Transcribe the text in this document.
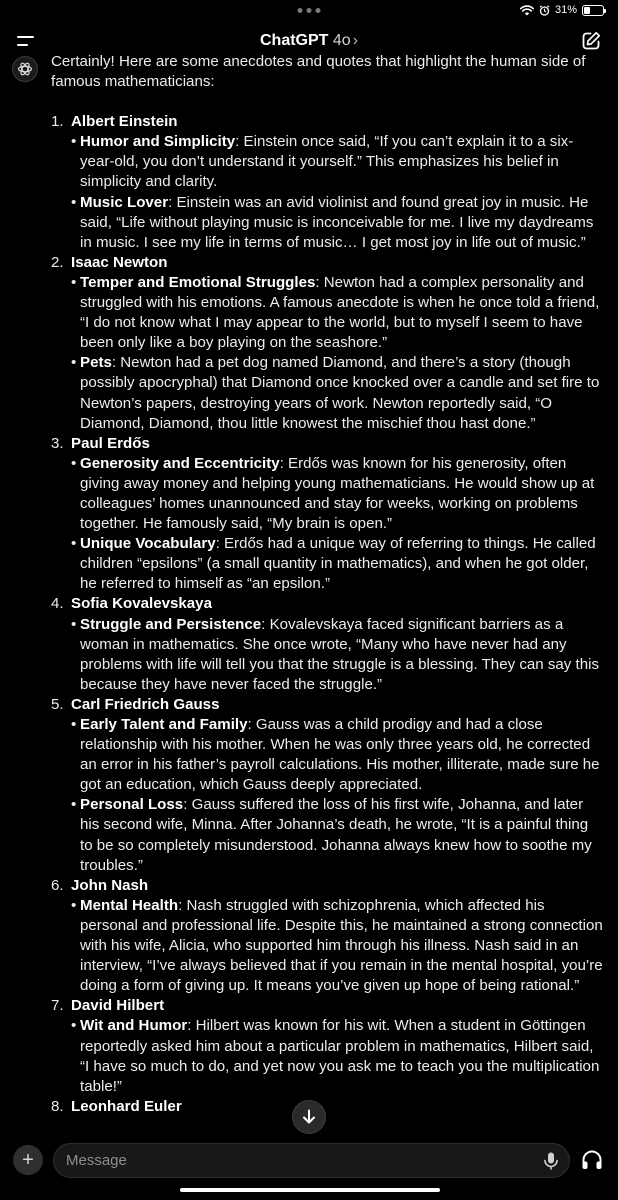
31%
ChatGPT 4o ›

Certainly! Here are some anecdotes and quotes that highlight the human side of famous mathematicians:

1. Albert Einstein
• Humor and Simplicity: Einstein once said, “If you can’t explain it to a six-year-old, you don’t understand it yourself.” This emphasizes his belief in simplicity and clarity.
• Music Lover: Einstein was an avid violinist and found great joy in music. He said, “Life without playing music is inconceivable for me. I live my daydreams in music. I see my life in terms of music… I get most joy in life out of music.”
2. Isaac Newton
• Temper and Emotional Struggles: Newton had a complex personality and struggled with his emotions. A famous anecdote is when he once told a friend, “I do not know what I may appear to the world, but to myself I seem to have been only like a boy playing on the seashore.”
• Pets: Newton had a pet dog named Diamond, and there’s a story (though possibly apocryphal) that Diamond once knocked over a candle and set fire to Newton’s papers, destroying years of work. Newton reportedly said, “O Diamond, Diamond, thou little knowest the mischief thou hast done.”
3. Paul Erdős
• Generosity and Eccentricity: Erdős was known for his generosity, often giving away money and helping young mathematicians. He would show up at colleagues’ homes unannounced and stay for weeks, working on problems together. He famously said, “My brain is open.”
• Unique Vocabulary: Erdős had a unique way of referring to things. He called children “epsilons” (a small quantity in mathematics), and when he got older, he referred to himself as “an epsilon.”
4. Sofia Kovalevskaya
• Struggle and Persistence: Kovalevskaya faced significant barriers as a woman in mathematics. She once wrote, “Many who have never had any problems with life will tell you that the struggle is a blessing. They can say this because they have never faced the struggle.”
5. Carl Friedrich Gauss
• Early Talent and Family: Gauss was a child prodigy and had a close relationship with his mother. When he was only three years old, he corrected an error in his father’s payroll calculations. His mother, illiterate, made sure he got an education, which Gauss deeply appreciated.
• Personal Loss: Gauss suffered the loss of his first wife, Johanna, and later his second wife, Minna. After Johanna’s death, he wrote, “It is a painful thing to be so completely misunderstood. Johanna always knew how to soothe my troubles.”
6. John Nash
• Mental Health: Nash struggled with schizophrenia, which affected his personal and professional life. Despite this, he maintained a strong connection with his wife, Alicia, who supported him through his illness. Nash said in an interview, “I’ve always believed that if you remain in the mental hospital, you’re doing a form of giving up. It means you’ve given up hope of being rational.”
7. David Hilbert
• Wit and Humor: Hilbert was known for his wit. When a student in Göttingen reportedly asked him about a particular problem in mathematics, Hilbert said, “I have so much to do, and yet now you ask me to teach you the multiplication table!”
8. Leonhard Euler
+
Message
